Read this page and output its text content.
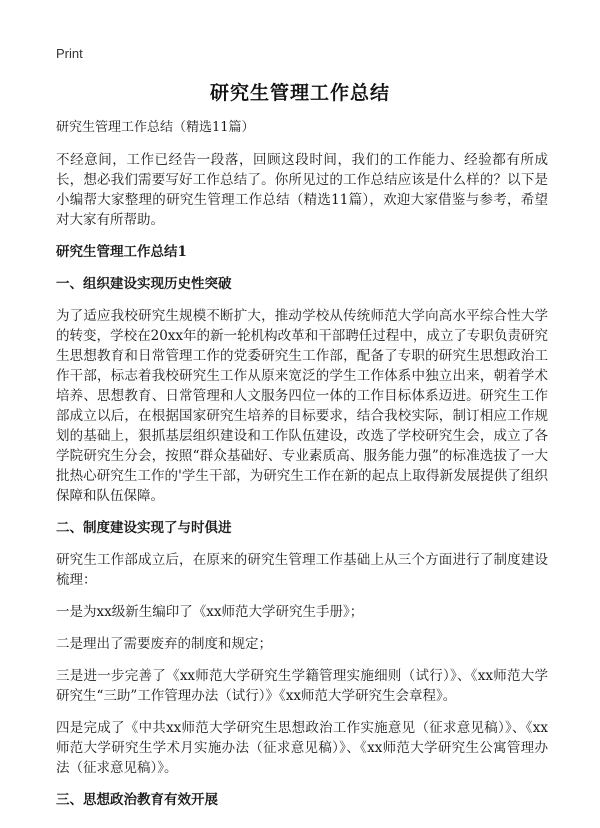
Print
研究生管理工作总结
研究生管理工作总结（精选11篇）

不经意间，工作已经告一段落，回顾这段时间，我们的工作能力、经验都有所成长，想必我们需要写好工作总结了。你所见过的工作总结应该是什么样的？以下是小编帮大家整理的研究生管理工作总结（精选11篇），欢迎大家借鉴与参考，希望对大家有所帮助。

研究生管理工作总结1
一、组织建设实现历史性突破

为了适应我校研究生规模不断扩大，推动学校从传统师范大学向高水平综合性大学的转变，学校在20xx年的新一轮机构改革和干部聘任过程中，成立了专职负责研究生思想教育和日常管理工作的党委研究生工作部，配备了专职的研究生思想政治工作干部，标志着我校研究生工作从原来宽泛的学生工作体系中独立出来，朝着学术培养、思想教育、日常管理和人文服务四位一体的工作目标体系迈进。研究生工作部成立以后，在根据国家研究生培养的目标要求，结合我校实际，制订相应工作规划的基础上，狠抓基层组织建设和工作队伍建设，改选了学校研究生会，成立了各学院研究生分会，按照“群众基础好、专业素质高、服务能力强”的标准选拔了一大批热心研究生工作的'学生干部，为研究生工作在新的起点上取得新发展提供了组织保障和队伍保障。

二、制度建设实现了与时俱进

研究生工作部成立后，在原来的研究生管理工作基础上从三个方面进行了制度建设梳理：

一是为xx级新生编印了《xx师范大学研究生手册》；

二是理出了需要废弃的制度和规定；

三是进一步完善了《xx师范大学研究生学籍管理实施细则（试行）》、《xx师范大学研究生“三助”工作管理办法（试行）》《xx师范大学研究生会章程》。

四是完成了《中共xx师范大学研究生思想政治工作实施意见（征求意见稿）》、《xx师范大学研究生学术月实施办法（征求意见稿）》、《xx师范大学研究生公寓管理办法（征求意见稿）》。

三、思想政治教育有效开展
